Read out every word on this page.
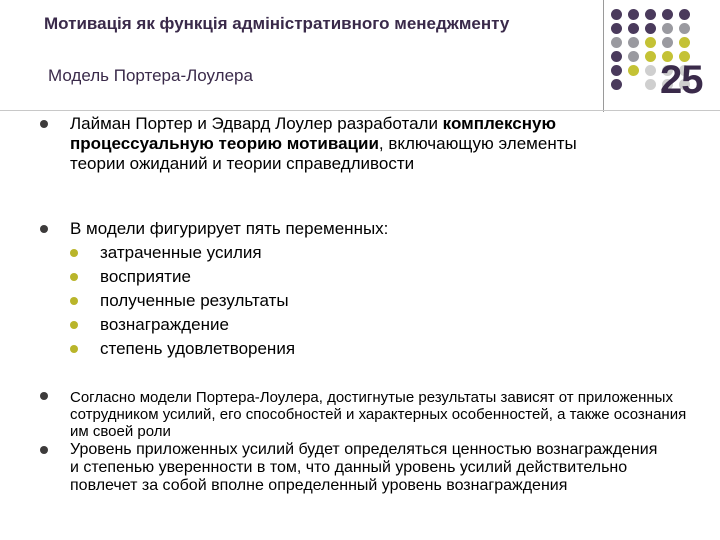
Мотивація як функція адміністративного менеджменту
Модель Портера-Лоулера	25
Лайман Портер и Эдвард Лоулер разработали комплексную процессуальную теорию мотивации, включающую элементы теории ожиданий и теории справедливости
В модели фигурирует пять переменных:
затраченные усилия
восприятие
полученные результаты
вознаграждение
степень удовлетворения
Согласно модели Портера-Лоулера, достигнутые результаты зависят от приложенных сотрудником усилий, его способностей и характерных особенностей, а также осознания им своей роли
Уровень приложенных усилий будет определяться ценностью вознаграждения и степенью уверенности в том, что данный уровень усилий действительно повлечет за собой вполне определенный уровень вознаграждения
